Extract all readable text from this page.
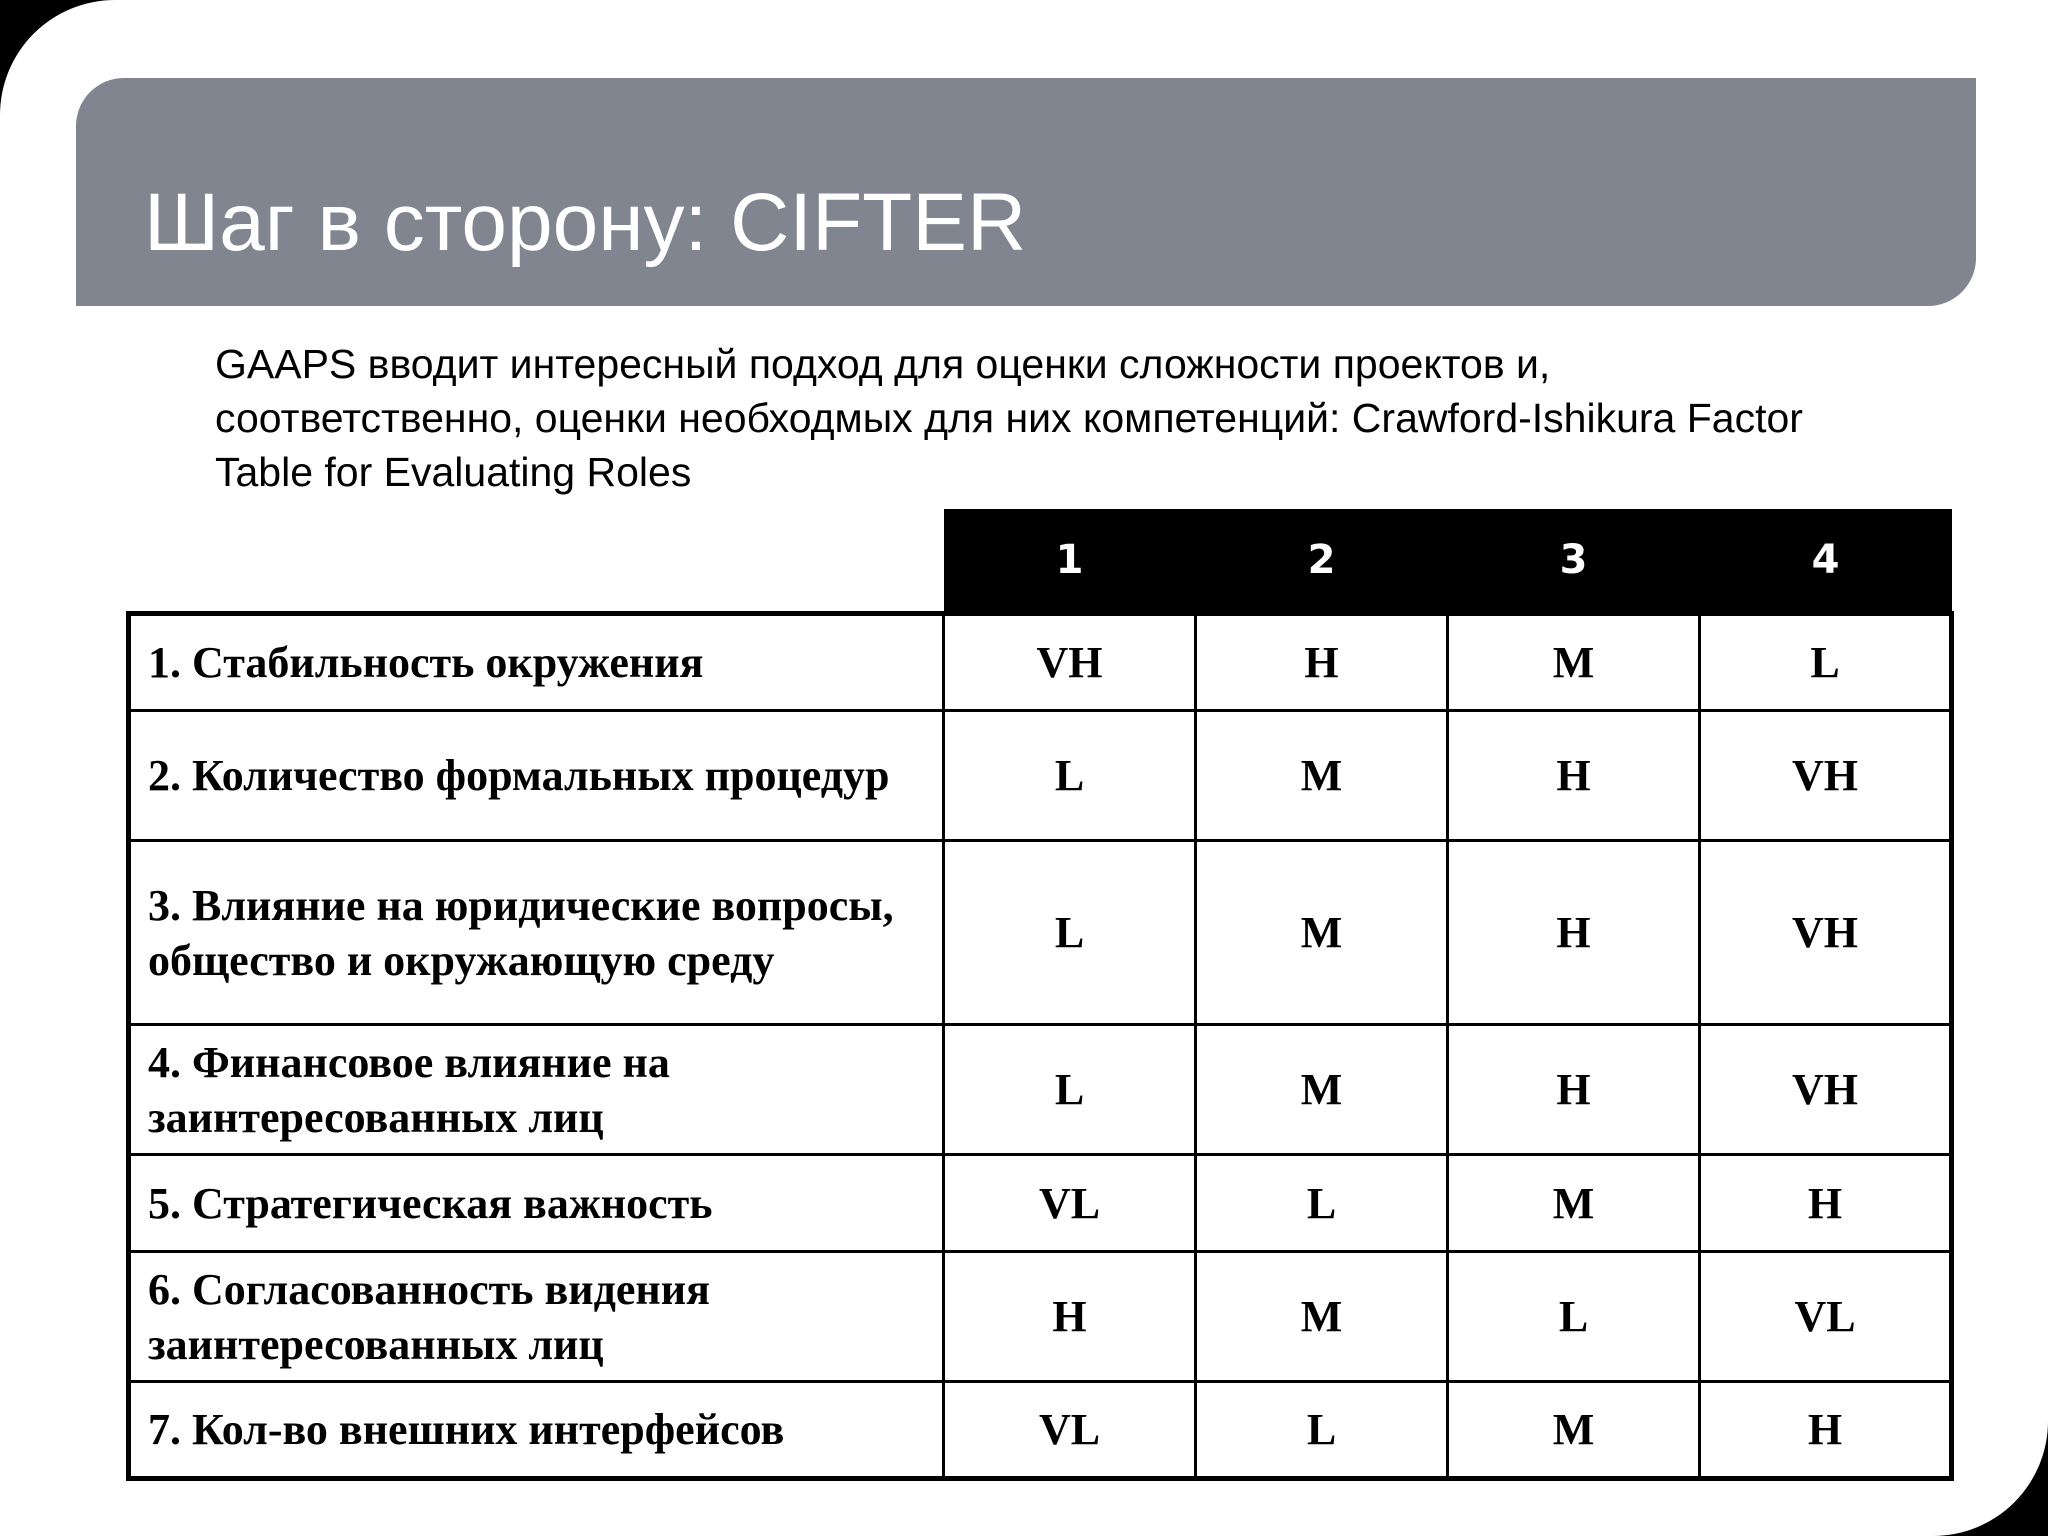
Шаг в сторону: CIFTER

GAAPS вводит интересный подход для оценки сложности проектов и, соответственно, оценки необходмых для них компетенций: Crawford-Ishikura Factor Table for Evaluating Roles

	1	2	3	4
1. Стабильность окружения	VH	H	M	L
2. Количество формальных процедур	L	M	H	VH
3. Влияние на юридические вопросы, общество и окружающую среду	L	M	H	VH
4. Финансовое влияние на заинтересованных лиц	L	M	H	VH
5. Стратегическая важность	VL	L	M	H
6. Согласованность видения заинтересованных лиц	H	M	L	VL
7. Кол-во внешних интерфейсов	VL	L	M	H
